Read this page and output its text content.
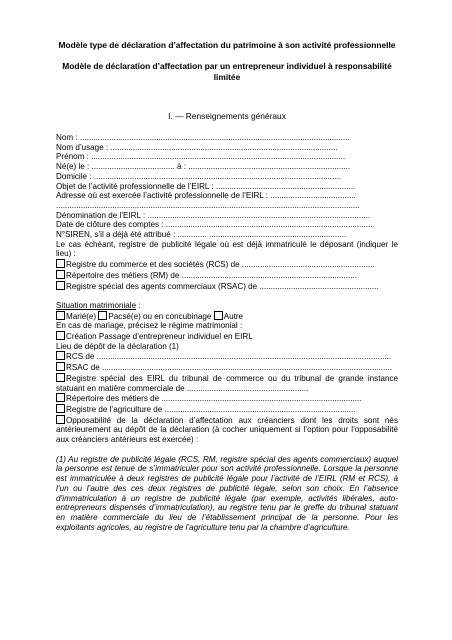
Modèle type de déclaration d’affectation du patrimoine à son activité professionnelle

Modèle de déclaration d’affectation par un entrepreneur individuel à responsabilité limitée

I. — Renseignements généraux
Nom : ........................................................................................................................
Nom d’usage : .....................................................................................................
Prénom : .................................................................................................................
Né(e) le : ..................................... à : ........................................................................
Domicile : ..............................................................................................................
Objet de l’activité professionnelle de l’EIRL : ..............................................................
Adresse où est exercée l’activité professionnelle de l’EIRL : ......................................
.......................................................................................................................................
Dénomination de l’EIRL : ...................................................................................................
Date de clôture des comptes : ............................................................................................
N°SIREN, s’il a déjà été attribué : ............. .............................................................
Le cas échéant, registre de publicité légale où est déjà immatriculé le déposant (indiquer le lieu) :
Registre du commerce et des sociétés (RCS) de ...........................................................
Répertoire des métiers (RM) de ..............................................................................
Registre spécial des agents commerciaux (RSAC) de .....................................................
Situation matrimoniale :
Marié(e) Pacsé(e) ou en concubinage Autre
En cas de mariage, précisez le régime matrimonial :
Création Passage d’entrepreneur individuel en EIRL
Lieu de dépôt de la déclaration (1)
RCS de ...................................................................................................................................
RSAC de .................................................................................................................................
Registre spécial des EIRL du tribunal de commerce ou du tribunal de grande instance statuant en matière commerciale de ......................................................
Répertoire des métiers de .........................................................................................
Registre de l’agriculture de .....................................................................................
Opposabilité de la déclaration d’affectation aux créanciers dont les droits sont nés antérieurement au dépôt de la déclaration (à cocher uniquement si l’option pour l’opposabilité aux créanciers antérieurs est exercée) :
(1) Au registre de publicité légale (RCS, RM, registre spécial des agents commerciaux) auquel la personne est tenue de s’immatriculer pour son activité professionnelle. Lorsque la personne est immatriculée à deux registres de publicité légale pour l’activité de l’EIRL (RM et RCS), à l’un ou l’autre des ces deux registres de publicité légale, selon son choix. En l’absence d’immatriculation à un registre de publicité légale (par exemple, activités libérales, auto-entrepreneurs dispensés d’immatriculation), au registre tenu par le greffe du tribunal statuant en matière commerciale du lieu de l’établissement principal de la personne. Pour les exploitants agricoles, au registre de l’agriculture tenu par la chambre d’agriculture.
